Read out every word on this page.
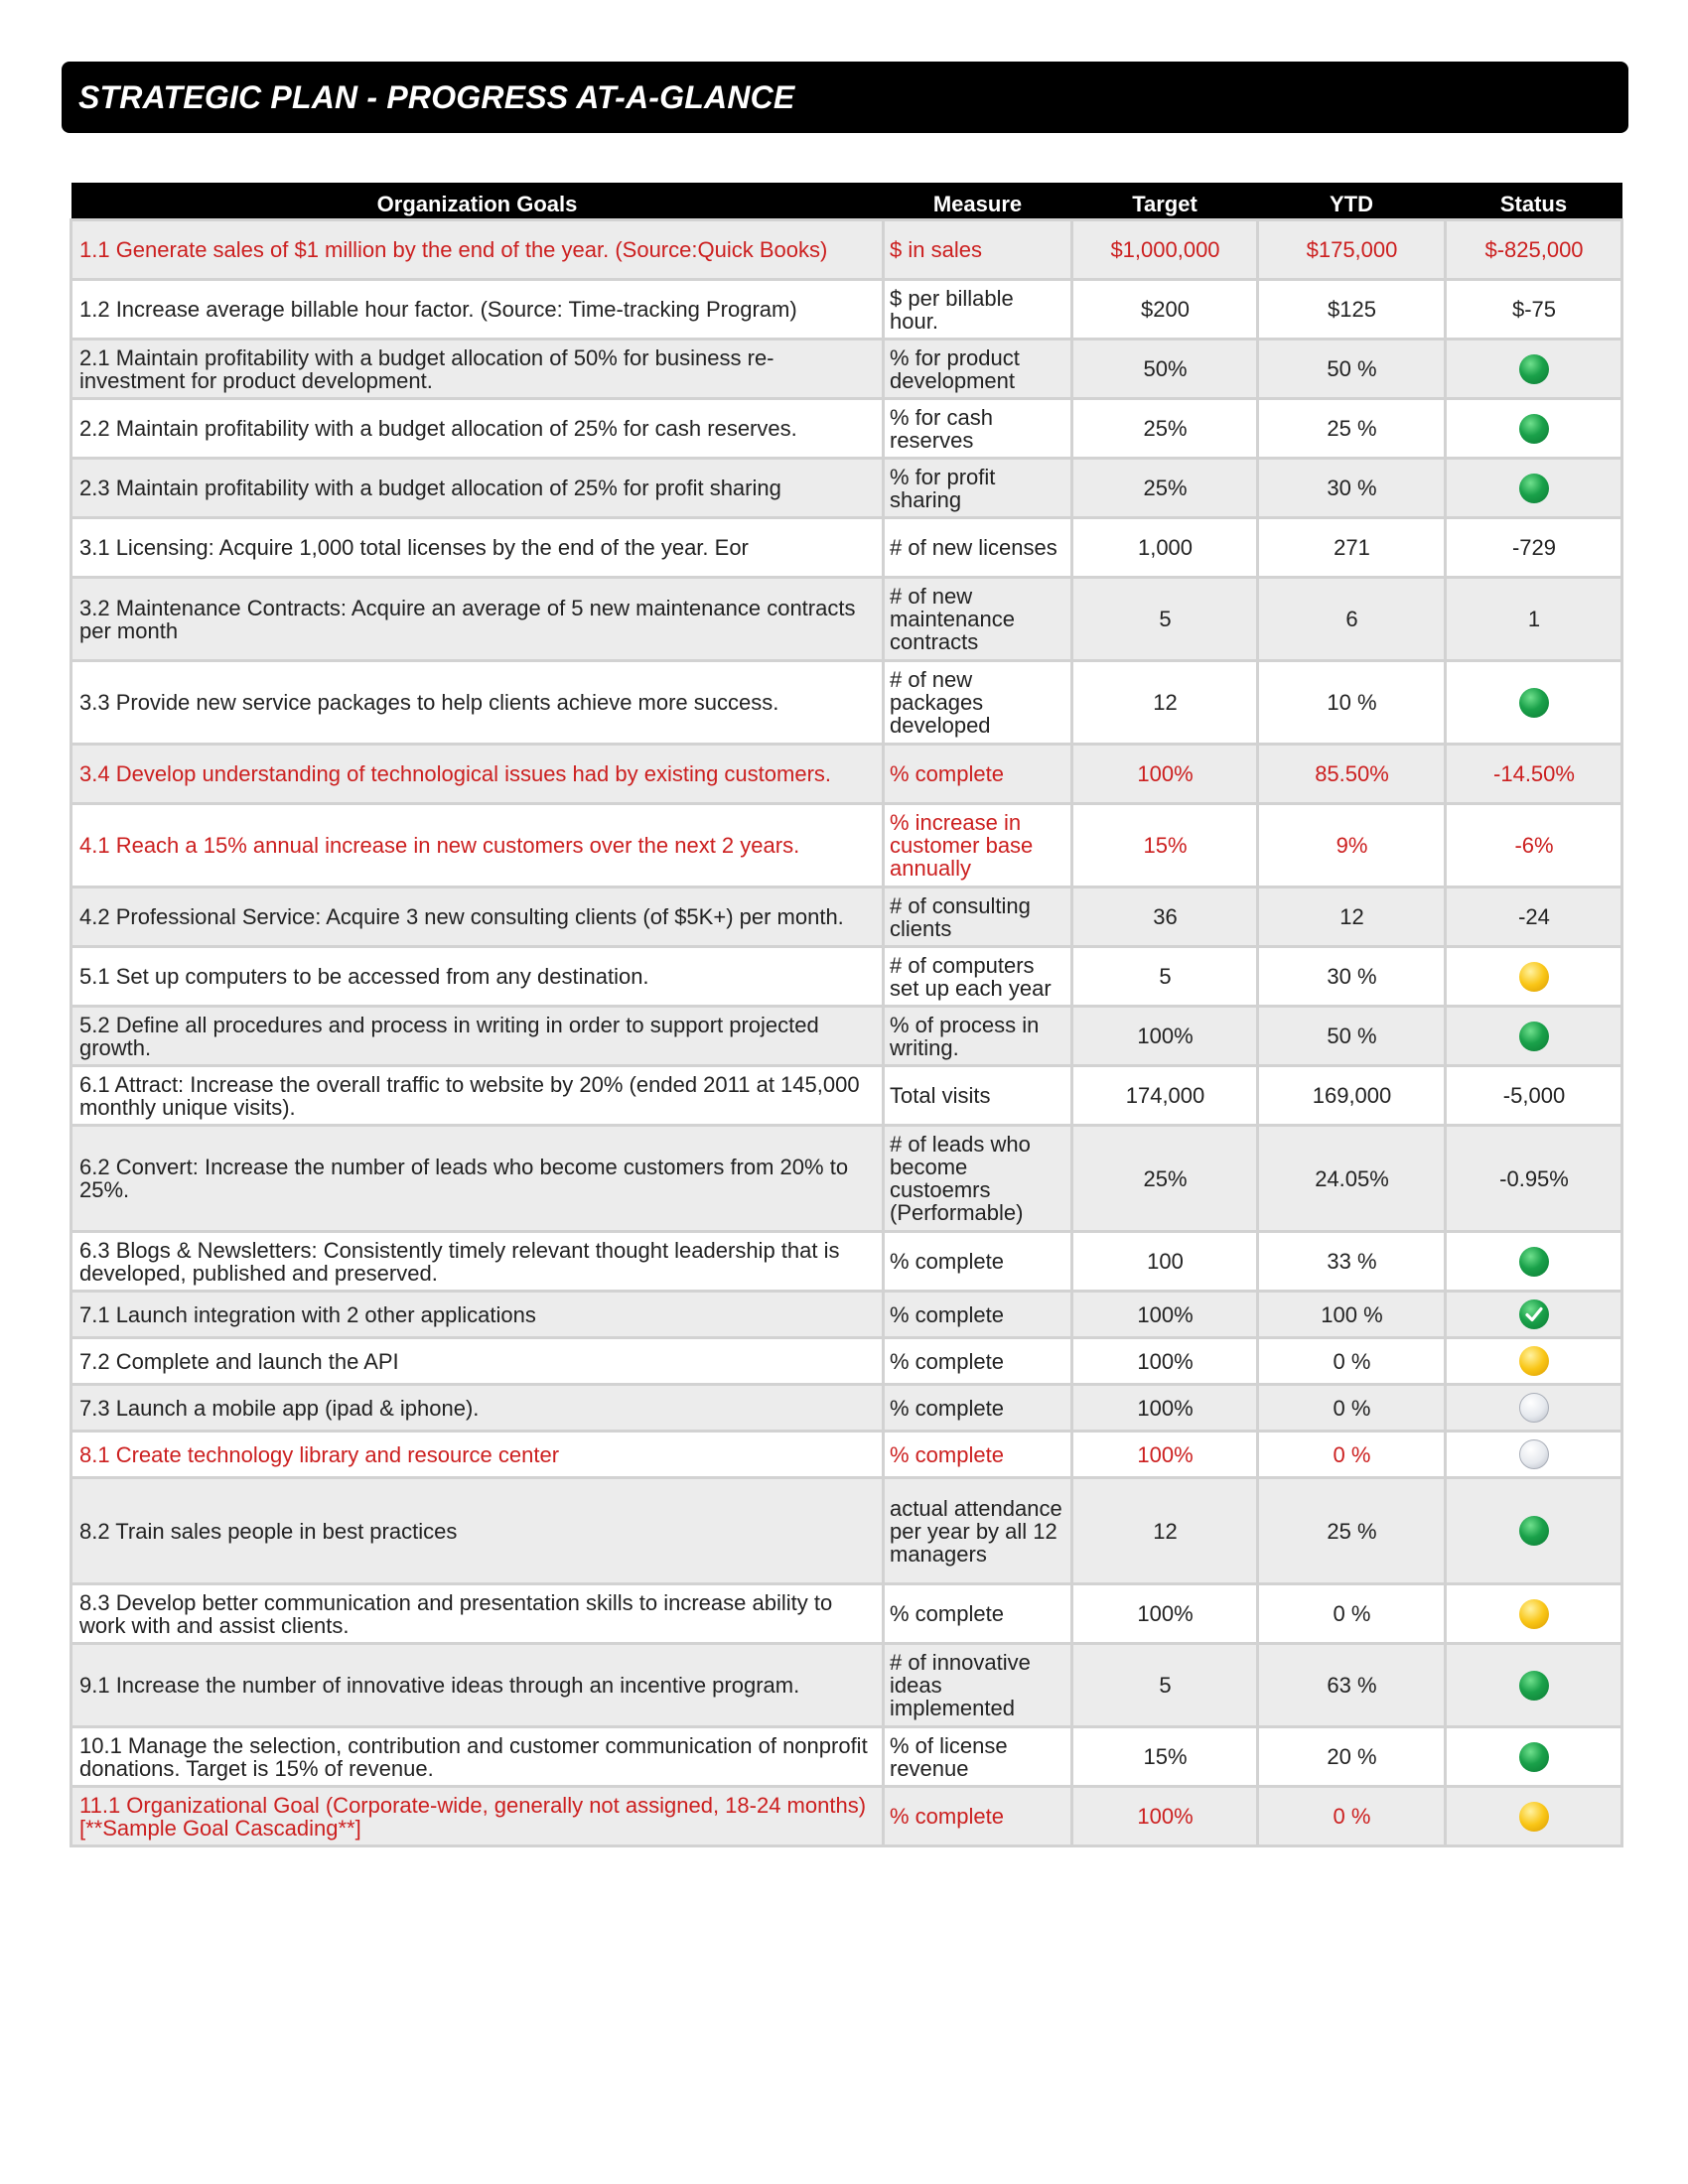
STRATEGIC PLAN - PROGRESS AT-A-GLANCE
Organization Goals	Measure	Target	YTD	Status
1.1 Generate sales of $1 million by the end of the year. (Source:Quick Books)	$ in sales	$1,000,000	$175,000	$-825,000
1.2 Increase average billable hour factor. (Source: Time-tracking Program)	$ per billable hour.	$200	$125	$-75
2.1 Maintain profitability with a budget allocation of 50% for business re-investment for product development.	% for product development	50%	50 %	
2.2 Maintain profitability with a budget allocation of 25% for cash reserves.	% for cash reserves	25%	25 %	
2.3 Maintain profitability with a budget allocation of 25% for profit sharing	% for profit sharing	25%	30 %	
3.1 Licensing: Acquire 1,000 total licenses by the end of the year. Eor	# of new licenses	1,000	271	-729
3.2 Maintenance Contracts: Acquire an average of 5 new maintenance contracts per month	# of new maintenance contracts	5	6	1
3.3 Provide new service packages to help clients achieve more success.	# of new packages developed	12	10 %	
3.4 Develop understanding of technological issues had by existing customers.	% complete	100%	85.50%	-14.50%
4.1 Reach a 15% annual increase in new customers over the next 2 years.	% increase in customer base annually	15%	9%	-6%
4.2 Professional Service: Acquire 3 new consulting clients (of $5K+) per month.	# of consulting clients	36	12	-24
5.1 Set up computers to be accessed from any destination.	# of computers set up each year	5	30 %	
5.2 Define all procedures and process in writing in order to support projected growth.	% of process in writing.	100%	50 %	
6.1 Attract: Increase the overall traffic to website by 20% (ended 2011 at 145,000 monthly unique visits).	Total visits	174,000	169,000	-5,000
6.2 Convert: Increase the number of leads who become customers from 20% to 25%.	# of leads who become custoemrs (Performable)	25%	24.05%	-0.95%
6.3 Blogs & Newsletters: Consistently timely relevant thought leadership that is developed, published and preserved.	% complete	100	33 %	
7.1 Launch integration with 2 other applications	% complete	100%	100 %	

7.2 Complete and launch the API	% complete	100%	0 %	
7.3 Launch a mobile app (ipad & iphone).	% complete	100%	0 %	
8.1 Create technology library and resource center	% complete	100%	0 %	
8.2 Train sales people in best practices	actual attendance per year by all 12 managers	12	25 %	
8.3 Develop better communication and presentation skills to increase ability to work with and assist clients.	% complete	100%	0 %	
9.1 Increase the number of innovative ideas through an incentive program.	# of innovative ideas implemented	5	63 %	
10.1 Manage the selection, contribution and customer communication of nonprofit donations. Target is 15% of revenue.	% of license revenue	15%	20 %	
11.1 Organizational Goal (Corporate-wide, generally not assigned, 18-24 months) [**Sample Goal Cascading**]	% complete	100%	0 %	
